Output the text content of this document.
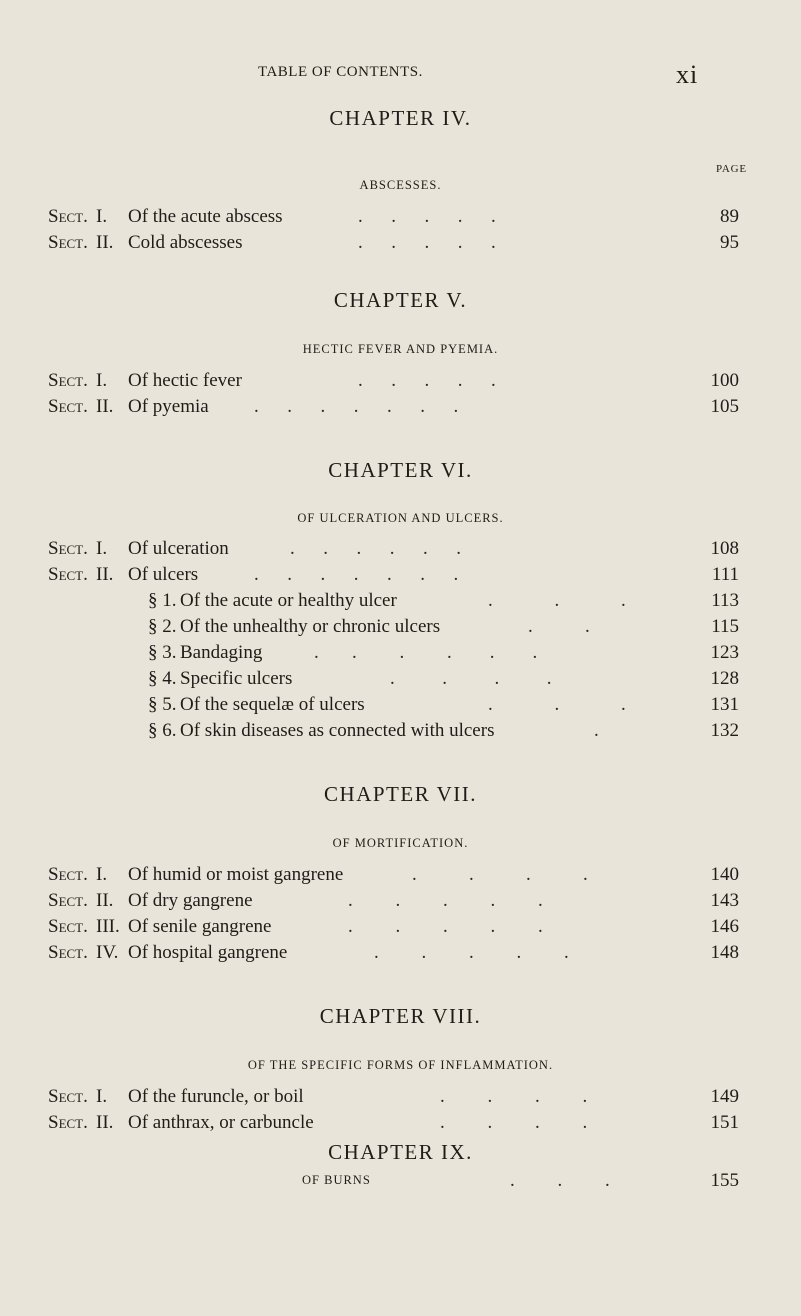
TABLE OF CONTENTS.	xi
CHAPTER IV.
PAGE
ABSCESSES.
Sect. I. Of the acute abscess	.      .      .      .      .	89
Sect. II. Cold abscesses	.      .      .      .      .	95
CHAPTER V.
HECTIC FEVER AND PYEMIA.
Sect. I. Of hectic fever	.      .      .      .      .	100
Sect. II. Of pyemia .      .      .      .      .      .      .	105
CHAPTER VI.
OF ULCERATION AND ULCERS.
Sect. I. Of ulceration	.      .      .      .      .      .	108
Sect. II. Of ulcers	.      .      .      .      .      .      .	111
§ 1. Of the acute or healthy ulcer	.             .             .	113
§ 2. Of the unhealthy or chronic ulcers	.           .	115
§ 3. Bandaging	.       .         .         .        .        .	123
§ 4. Specific ulcers	.          .          .          .	128
§ 5. Of the sequelæ of ulcers	.             .             .	131
§ 6. Of skin diseases as connected with ulcers	.	132
CHAPTER VII.
OF MORTIFICATION.
Sect. I. Of humid or moist gangrene	.           .           .           .	140
Sect. II. Of dry gangrene	.         .         .         .         .	143
Sect. III. Of senile gangrene	.         .         .         .         .	146
Sect. IV. Of hospital gangrene	.         .         .         .         .	148
CHAPTER VIII.
OF THE SPECIFIC FORMS OF INFLAMMATION.
Sect. I. Of the furuncle, or boil	.         .         .         .	149
Sect. II. Of anthrax, or carbuncle	.         .         .         .	151
CHAPTER IX.
OF BURNS	.         .         .	155
